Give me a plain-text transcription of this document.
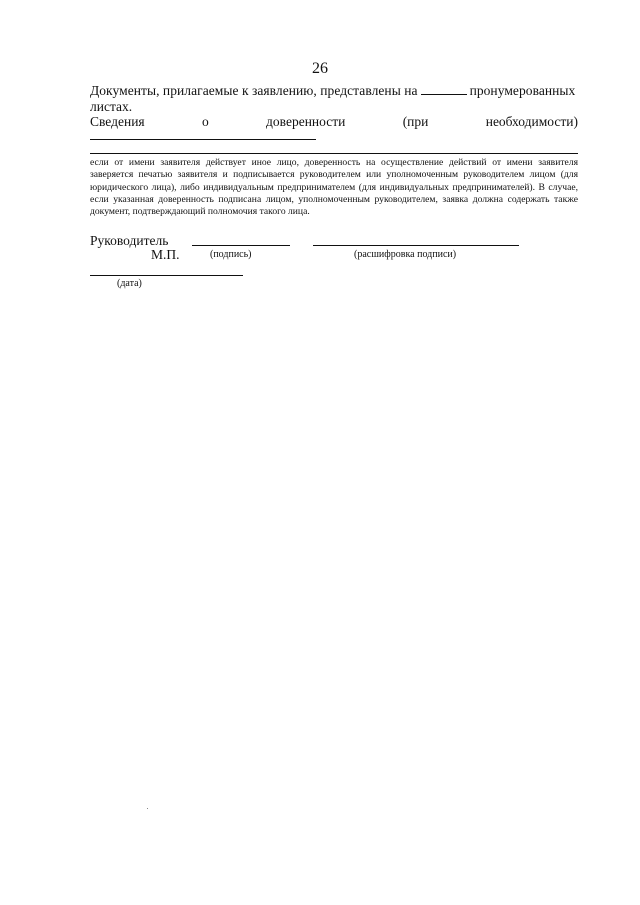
26
Документы, прилагаемые к заявлению, представлены на	пронумерованных
листах.
Сведения	о	доверенности	(при	необходимости)

если от имени заявителя действует иное лицо, доверенность на осуществление действий от имени заявителя заверяется печатью заявителя и подписывается руководителем или уполномоченным руководителем лицом (для юридического лица), либо индивидуальным предпринимателем (для индивидуальных предпринимателей). В случае, если указанная доверенность подписана лицом, уполномоченным руководителем, заявка должна содержать также документ, подтверждающий полномочия такого лица.

Руководитель
М.П.	(подпись)	(расшифровка подписи)
(дата)
